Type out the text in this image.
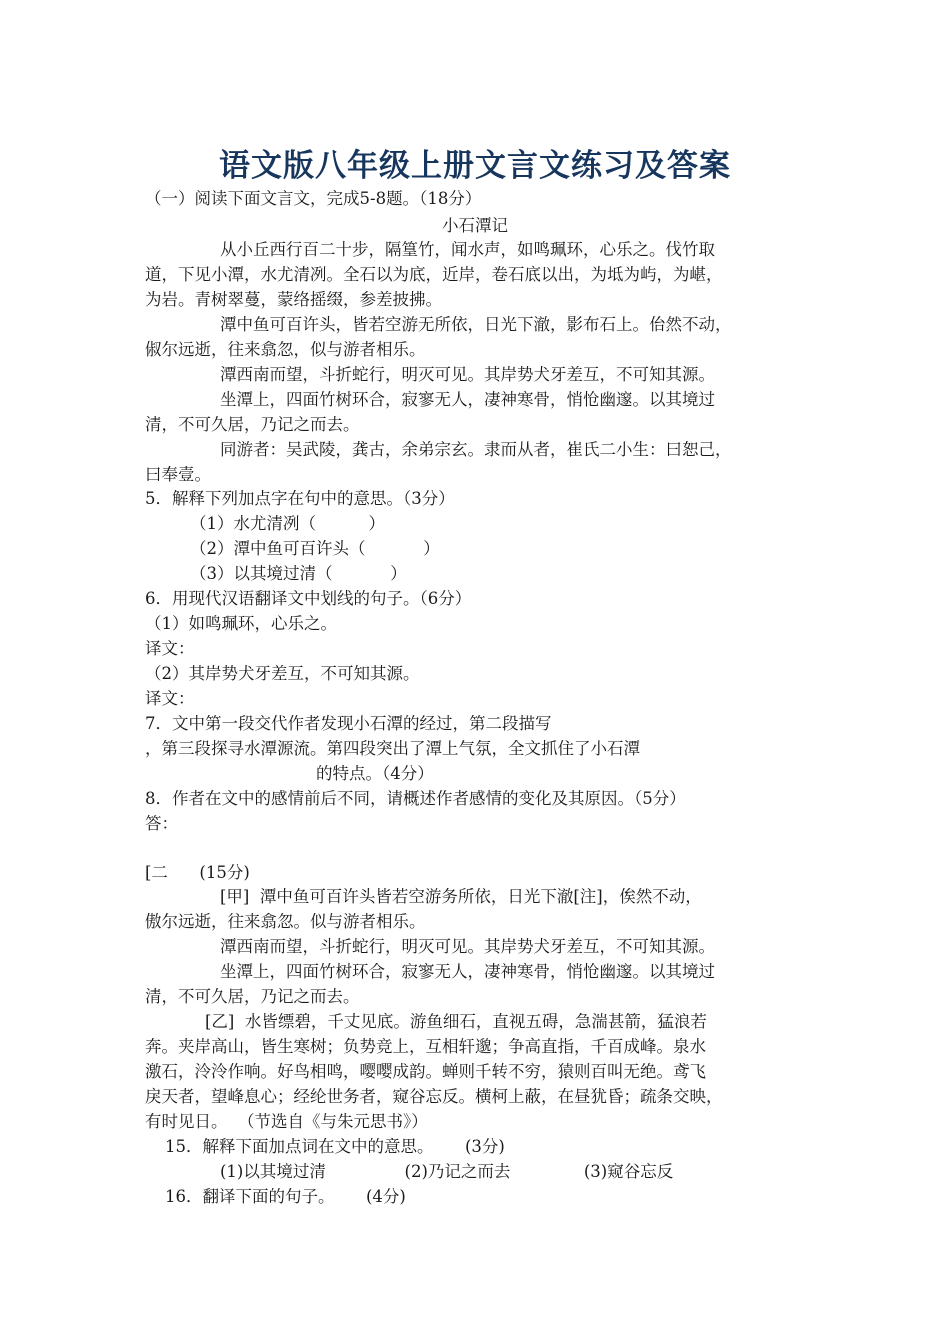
语文版八年级上册文言文练习及答案
（一）阅读下面文言文，完成5-8题。（18分）
小石潭记
从小丘西行百二十步，隔篁竹，闻水声，如鸣珮环，心乐之。伐竹取
道，下见小潭，水尤清冽。全石以为底，近岸，卷石底以出，为坻为屿，为嵁，
为岩。青树翠蔓，蒙络摇缀，参差披拂。
潭中鱼可百许头，皆若空游无所依，日光下澈，影布石上。佁然不动，
俶尔远逝，往来翕忽，似与游者相乐。
潭西南而望，斗折蛇行，明灭可见。其岸势犬牙差互，不可知其源。
坐潭上，四面竹树环合，寂寥无人，凄神寒骨，悄怆幽邃。以其境过
清，不可久居，乃记之而去。
同游者：吴武陵，龚古，余弟宗玄。隶而从者，崔氏二小生：曰恕己，
曰奉壹。
5．解释下列加点字在句中的意思。（3分）
（1）水尤清冽（          ）
（2）潭中鱼可百许头（           ）
（3）以其境过清（           ）
6．用现代汉语翻译文中划线的句子。（6分）
（1）如鸣珮环，心乐之。
译文：
（2）其岸势犬牙差互，不可知其源。
译文：
7．文中第一段交代作者发现小石潭的经过，第二段描写
，第三段探寻水潭源流。第四段突出了潭上气氛，全文抓住了小石潭
的特点。（4分）
8．作者在文中的感情前后不同，请概述作者感情的变化及其原因。（5分）
答：
[二      (15分)
[甲]  潭中鱼可百许头皆若空游务所依，日光下澈[注]，俟然不动，
傲尔远逝，往来翕忽。似与游者相乐。
潭西南而望，斗折蛇行，明灭可见。其岸势犬牙差互，不可知其源。
坐潭上，四面竹树环合，寂寥无人，凄神寒骨，悄怆幽邃。以其境过
清，不可久居，乃记之而去。
[乙]  水皆缥碧，千丈见底。游鱼细石，直视五碍，急湍甚箭，猛浪若
奔。夹岸高山，皆生寒树；负势竞上，互相轩邈；争高直指，千百成峰。泉水
激石，泠泠作响。好鸟相鸣，嘤嘤成韵。蝉则千转不穷，猿则百叫无绝。鸢飞
戾天者，望峰息心；经纶世务者，窥谷忘反。横柯上蔽，在昼犹昏；疏条交映，
有时见日。  （节选自《与朱元思书》）
15．解释下面加点词在文中的意思。      (3分)
(1)以其境过清               (2)乃记之而去              (3)窥谷忘反
16．翻译下面的句子。      (4分)
